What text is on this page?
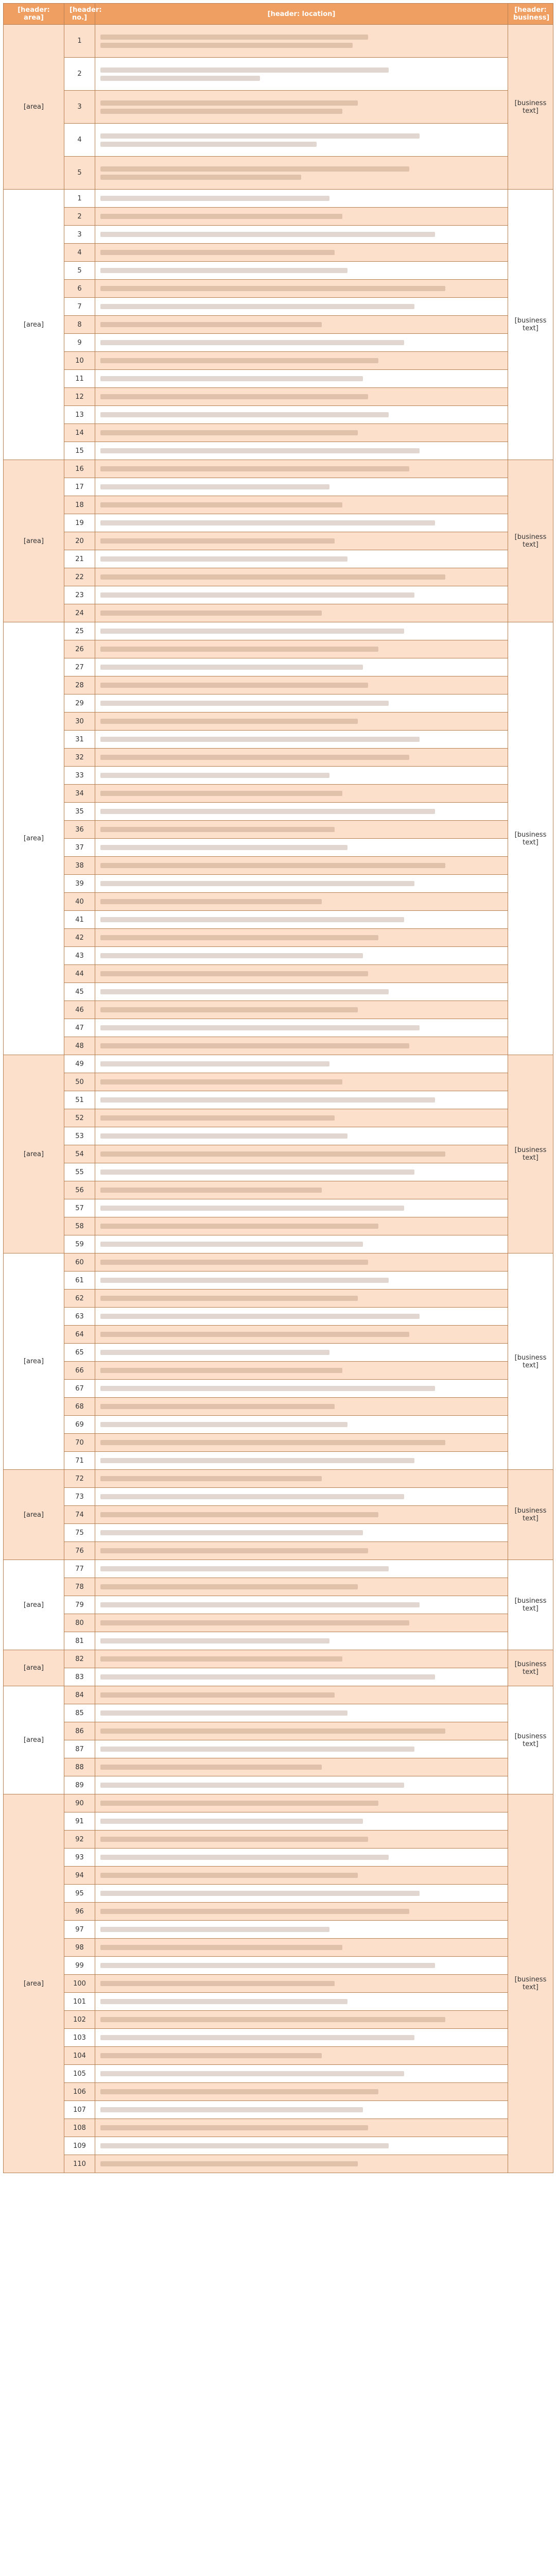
[header: area]	[header: no.]	[header: location]	[header: business]
[area]	1		[business text]
	2		

	3		

	4		

	5		

[area]	1		[business text]
	2		

	3		

	4		

	5		

	6		

	7		

	8		

	9		

	10		

	11		

	12		

	13		

	14		

	15		

[area]	16		[business text]
	17		

	18		

	19		

	20		

	21		

	22		

	23		

	24		

[area]	25		[business text]
	26		

	27		

	28		

	29		

	30		

	31		

	32		

	33		

	34		

	35		

	36		

	37		

	38		

	39		

	40		

	41		

	42		

	43		

	44		

	45		

	46		

	47		

	48		

[area]	49		[business text]
	50		

	51		

	52		

	53		

	54		

	55		

	56		

	57		

	58		

	59		

[area]	60		[business text]
	61		

	62		

	63		

	64		

	65		

	66		

	67		

	68		

	69		

	70		

	71		

[area]	72		[business text]
	73		

	74		

	75		

	76		

[area]	77		[business text]
	78		

	79		

	80		

	81		

[area]	82		[business text]
	83		

[area]	84		[business text]
	85		

	86		

	87		

	88		

	89		

[area]	90		[business text]
	91		

	92		

	93		

	94		

	95		

	96		

	97		

	98		

	99		

	100		

	101		

	102		

	103		

	104		

	105		

	106		

	107		

	108		

	109		

	110		
